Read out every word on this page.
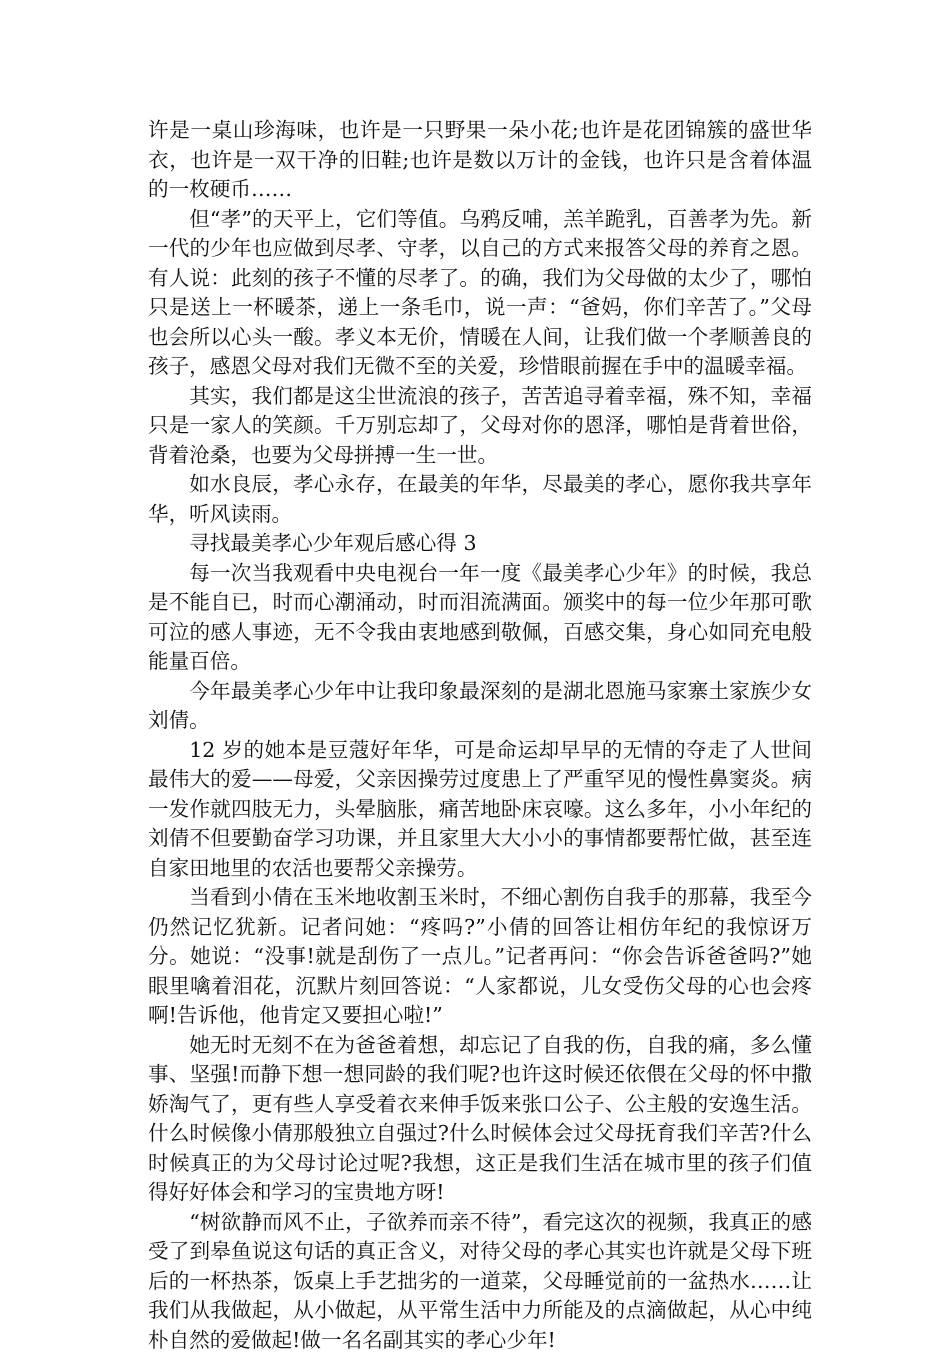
许是一桌山珍海味，也许是一只野果一朵小花;也许是花团锦簇的盛世华衣，也许是一双干净的旧鞋;也许是数以万计的金钱，也许只是含着体温的一枚硬币……

但“孝”的天平上，它们等值。乌鸦反哺，羔羊跪乳，百善孝为先。新一代的少年也应做到尽孝、守孝，以自己的方式来报答父母的养育之恩。有人说：此刻的孩子不懂的尽孝了。的确，我们为父母做的太少了，哪怕只是送上一杯暖茶，递上一条毛巾，说一声：“爸妈，你们辛苦了。”父母也会所以心头一酸。孝义本无价，情暖在人间，让我们做一个孝顺善良的孩子，感恩父母对我们无微不至的关爱，珍惜眼前握在手中的温暖幸福。

其实，我们都是这尘世流浪的孩子，苦苦追寻着幸福，殊不知，幸福只是一家人的笑颜。千万别忘却了，父母对你的恩泽，哪怕是背着世俗，背着沧桑，也要为父母拼搏一生一世。

如水良辰，孝心永存，在最美的年华，尽最美的孝心，愿你我共享年华，听风读雨。

寻找最美孝心少年观后感心得 3

每一次当我观看中央电视台一年一度《最美孝心少年》的时候，我总是不能自已，时而心潮涌动，时而泪流满面。颁奖中的每一位少年那可歌可泣的感人事迹，无不令我由衷地感到敬佩，百感交集，身心如同充电般能量百倍。

今年最美孝心少年中让我印象最深刻的是湖北恩施马家寨土家族少女刘倩。

12 岁的她本是豆蔻好年华，可是命运却早早的无情的夺走了人世间最伟大的爱——母爱，父亲因操劳过度患上了严重罕见的慢性鼻窦炎。病一发作就四肢无力，头晕脑胀，痛苦地卧床哀嚎。这么多年，小小年纪的刘倩不但要勤奋学习功课，并且家里大大小小的事情都要帮忙做，甚至连自家田地里的农活也要帮父亲操劳。

当看到小倩在玉米地收割玉米时，不细心割伤自我手的那幕，我至今仍然记忆犹新。记者问她：“疼吗?”小倩的回答让相仿年纪的我惊讶万分。她说：“没事!就是刮伤了一点儿。”记者再问：“你会告诉爸爸吗?”她眼里噙着泪花，沉默片刻回答说：“人家都说，儿女受伤父母的心也会疼啊!告诉他，他肯定又要担心啦!”

她无时无刻不在为爸爸着想，却忘记了自我的伤，自我的痛，多么懂事、坚强!而静下想一想同龄的我们呢?也许这时候还依偎在父母的怀中撒娇淘气了，更有些人享受着衣来伸手饭来张口公子、公主般的安逸生活。什么时候像小倩那般独立自强过?什么时候体会过父母抚育我们辛苦?什么时候真正的为父母讨论过呢?我想，这正是我们生活在城市里的孩子们值得好好体会和学习的宝贵地方呀!

“树欲静而风不止，子欲养而亲不待”，看完这次的视频，我真正的感受了到皋鱼说这句话的真正含义，对待父母的孝心其实也许就是父母下班后的一杯热茶，饭桌上手艺拙劣的一道菜，父母睡觉前的一盆热水……让我们从我做起，从小做起，从平常生活中力所能及的点滴做起，从心中纯朴自然的爱做起!做一名名副其实的孝心少年!
